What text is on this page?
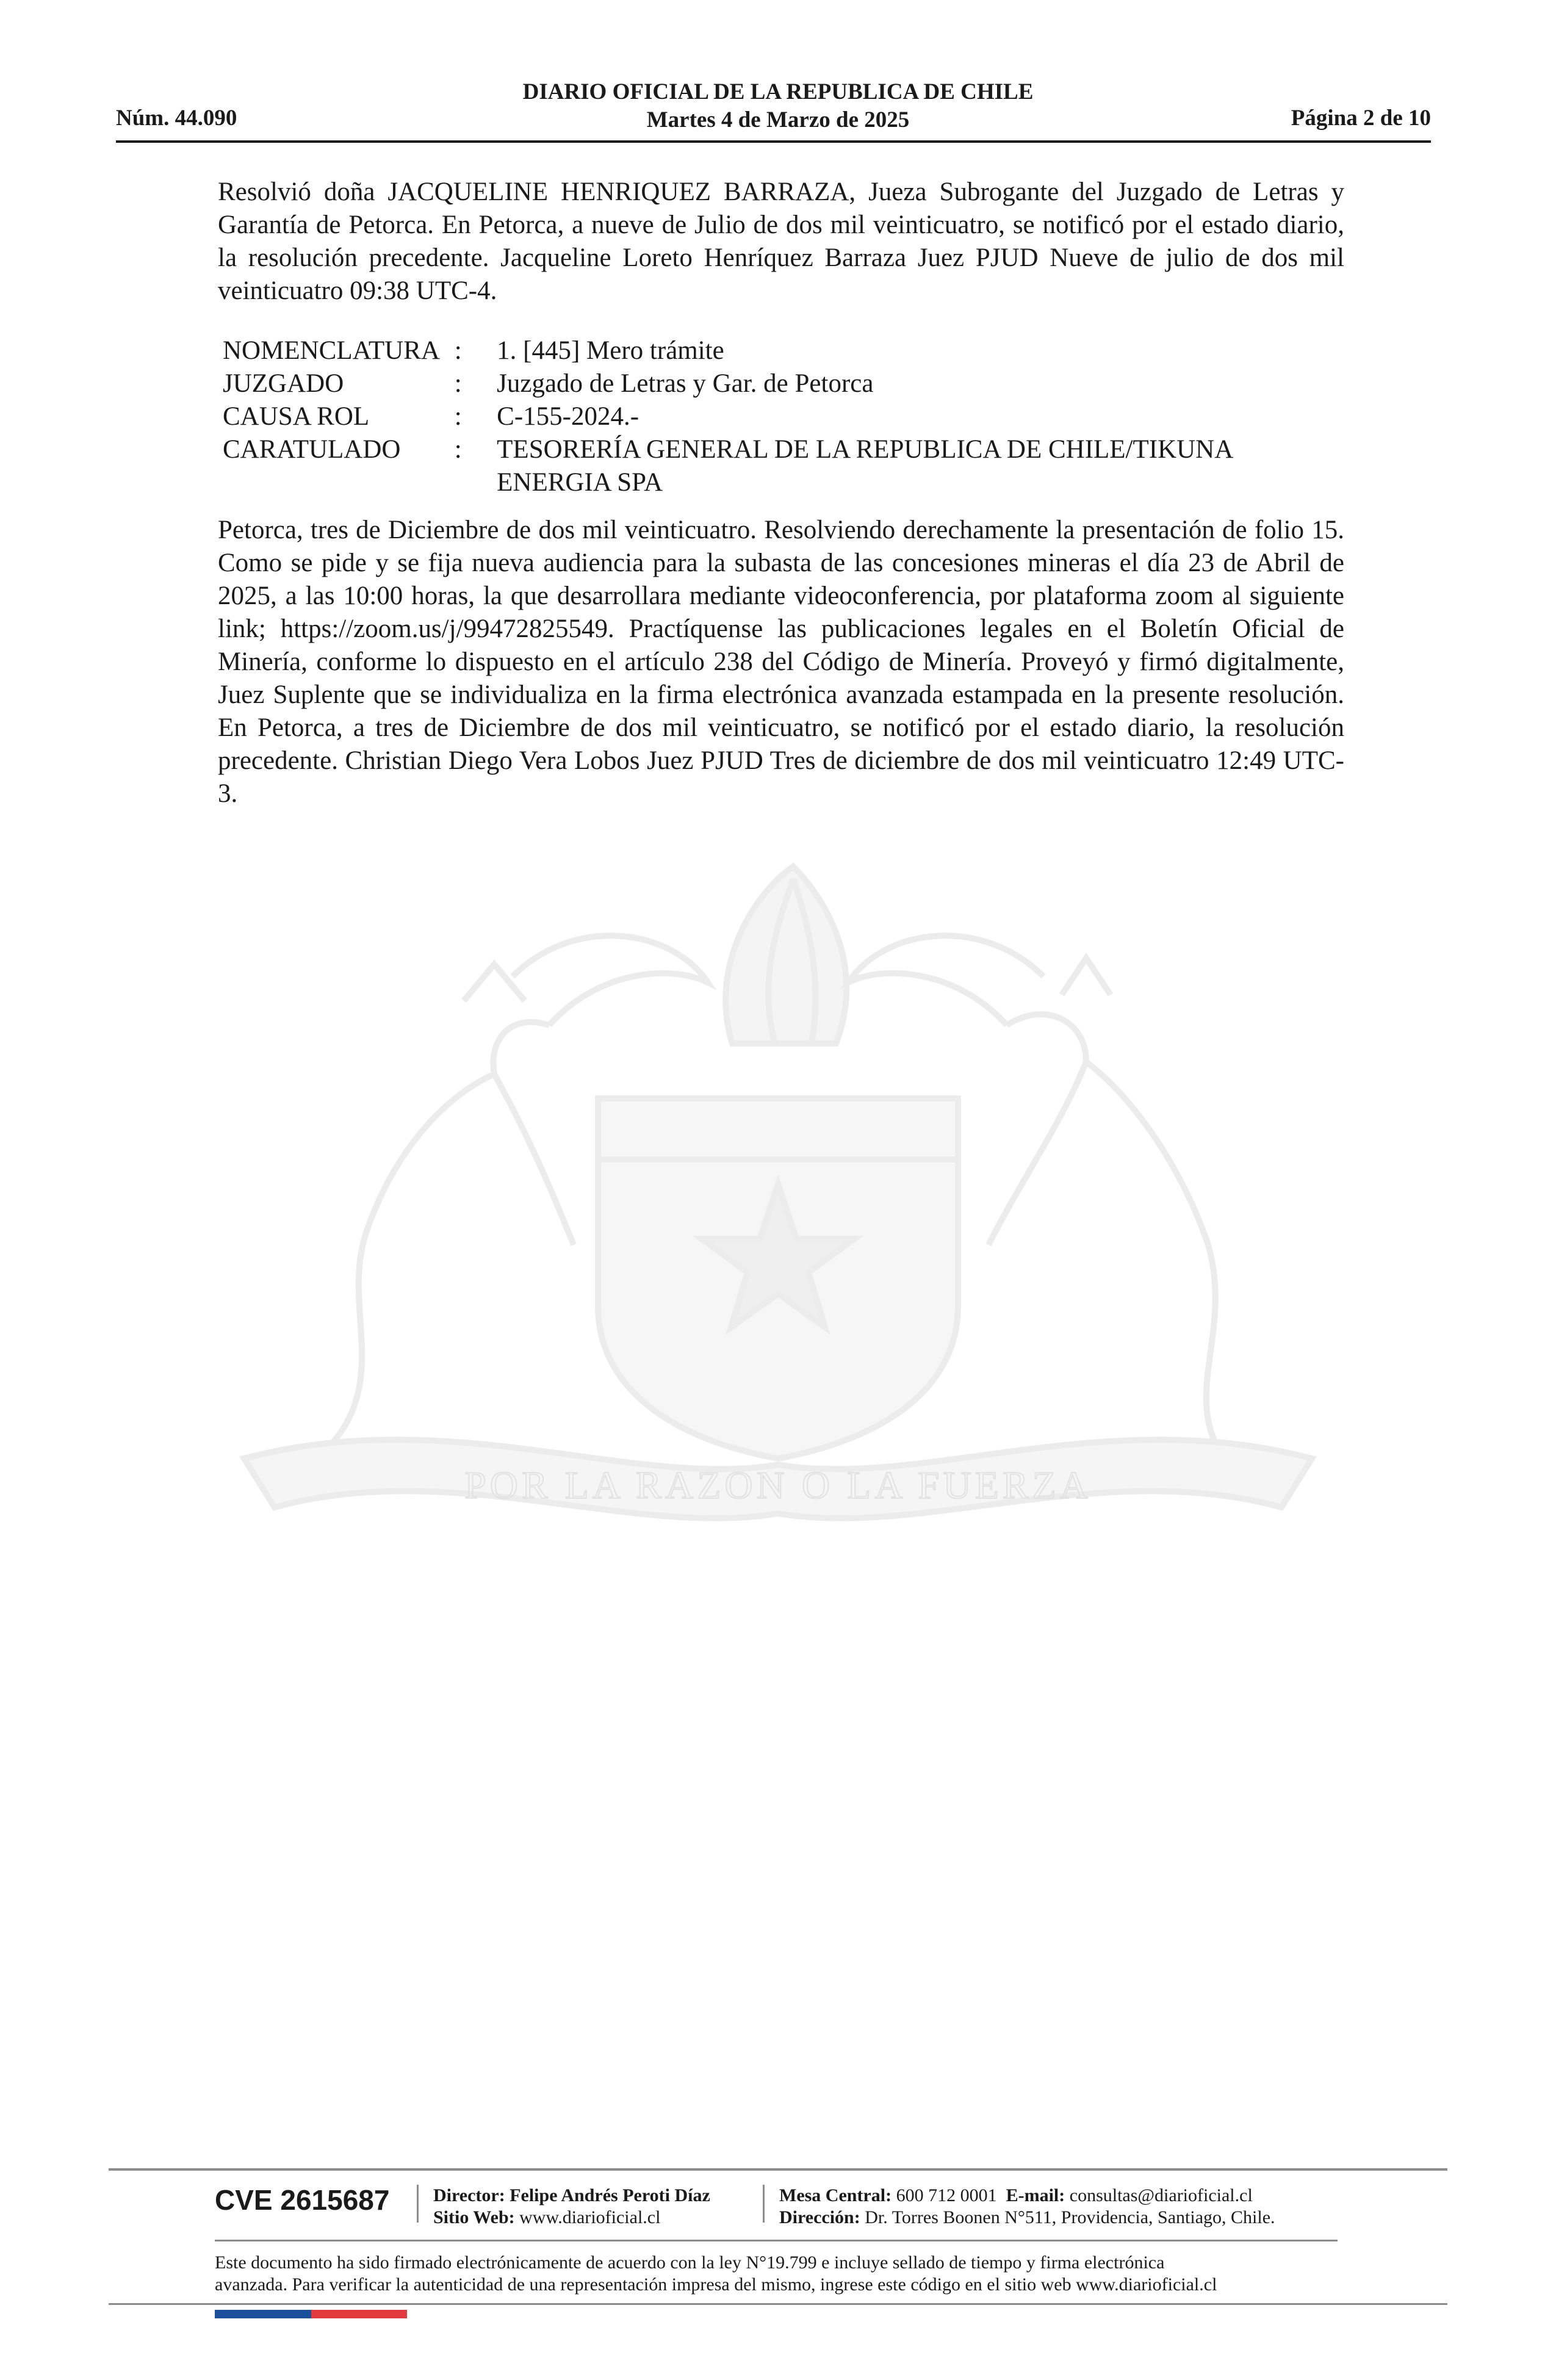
DIARIO OFICIAL DE LA REPUBLICA DE CHILE
Martes 4 de Marzo de 2025
Núm. 44.090	Página 2 de 10
POR LA RAZON O LA FUERZA

Resolvió doña JACQUELINE HENRIQUEZ BARRAZA, Jueza Subrogante del Juzgado de Letras y Garantía de Petorca. En Petorca, a nueve de Julio de dos mil veinticuatro, se notificó por el estado diario, la resolución precedente. Jacqueline Loreto Henríquez Barraza Juez PJUD Nueve de julio de dos mil veinticuatro 09:38 UTC-4.

NOMENCLATURA	:	1. [445] Mero trámite
JUZGADO	:	Juzgado de Letras y Gar. de Petorca
CAUSA ROL	:	C-155-2024.-
CARATULADO	:	TESORERÍA GENERAL DE LA REPUBLICA DE CHILE/TIKUNA ENERGIA SPA

Petorca, tres de Diciembre de dos mil veinticuatro. Resolviendo derechamente la presentación de folio 15. Como se pide y se fija nueva audiencia para la subasta de las concesiones mineras el día 23 de Abril de 2025, a las 10:00 horas, la que desarrollara mediante videoconferencia, por plataforma zoom al siguiente link; https://zoom.us/j/99472825549. Practíquense las publicaciones legales en el Boletín Oficial de Minería, conforme lo dispuesto en el artículo 238 del Código de Minería. Proveyó y firmó digitalmente, Juez Suplente que se individualiza en la firma electrónica avanzada estampada en la presente resolución. En Petorca, a tres de Diciembre de dos mil veinticuatro, se notificó por el estado diario, la resolución precedente. Christian Diego Vera Lobos Juez PJUD Tres de diciembre de dos mil veinticuatro 12:49 UTC-3.

CVE 2615687 Director: Felipe Andrés Peroti Díaz
Sitio Web: www.diarioficial.cl
Mesa Central: 600 712 0001 E-mail: consultas@diarioficial.cl
Dirección: Dr. Torres Boonen N°511, Providencia, Santiago, Chile.
Este documento ha sido firmado electrónicamente de acuerdo con la ley N°19.799 e incluye sellado de tiempo y firma electrónica
avanzada. Para verificar la autenticidad de una representación impresa del mismo, ingrese este código en el sitio web www.diarioficial.cl
